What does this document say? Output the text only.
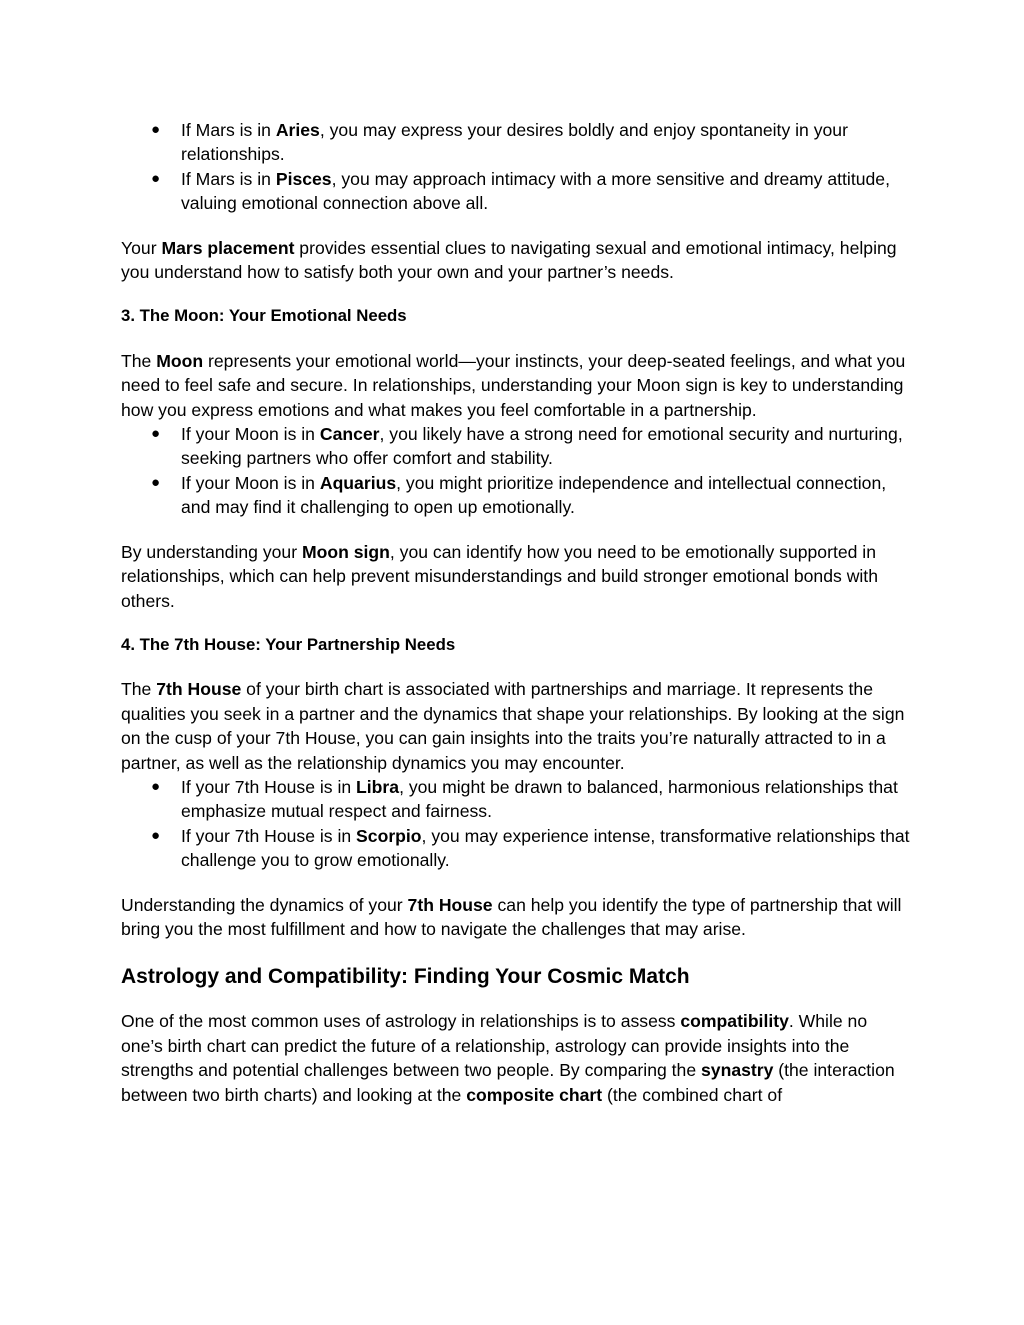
● If Mars is in Aries, you may express your desires boldly and enjoy spontaneity in your relationships.
● If Mars is in Pisces, you may approach intimacy with a more sensitive and dreamy attitude, valuing emotional connection above all.

Your Mars placement provides essential clues to navigating sexual and emotional intimacy, helping you understand how to satisfy both your own and your partner’s needs.

3. The Moon: Your Emotional Needs

The Moon represents your emotional world—your instincts, your deep-seated feelings, and what you need to feel safe and secure. In relationships, understanding your Moon sign is key to understanding how you express emotions and what makes you feel comfortable in a partnership.

● If your Moon is in Cancer, you likely have a strong need for emotional security and nurturing, seeking partners who offer comfort and stability.
● If your Moon is in Aquarius, you might prioritize independence and intellectual connection, and may find it challenging to open up emotionally.

By understanding your Moon sign, you can identify how you need to be emotionally supported in relationships, which can help prevent misunderstandings and build stronger emotional bonds with others.

4. The 7th House: Your Partnership Needs

The 7th House of your birth chart is associated with partnerships and marriage. It represents the qualities you seek in a partner and the dynamics that shape your relationships. By looking at the sign on the cusp of your 7th House, you can gain insights into the traits you’re naturally attracted to in a partner, as well as the relationship dynamics you may encounter.

● If your 7th House is in Libra, you might be drawn to balanced, harmonious relationships that emphasize mutual respect and fairness.
● If your 7th House is in Scorpio, you may experience intense, transformative relationships that challenge you to grow emotionally.

Understanding the dynamics of your 7th House can help you identify the type of partnership that will bring you the most fulfillment and how to navigate the challenges that may arise.

Astrology and Compatibility: Finding Your Cosmic Match

One of the most common uses of astrology in relationships is to assess compatibility. While no one’s birth chart can predict the future of a relationship, astrology can provide insights into the strengths and potential challenges between two people. By comparing the synastry (the interaction between two birth charts) and looking at the composite chart (the combined chart of
